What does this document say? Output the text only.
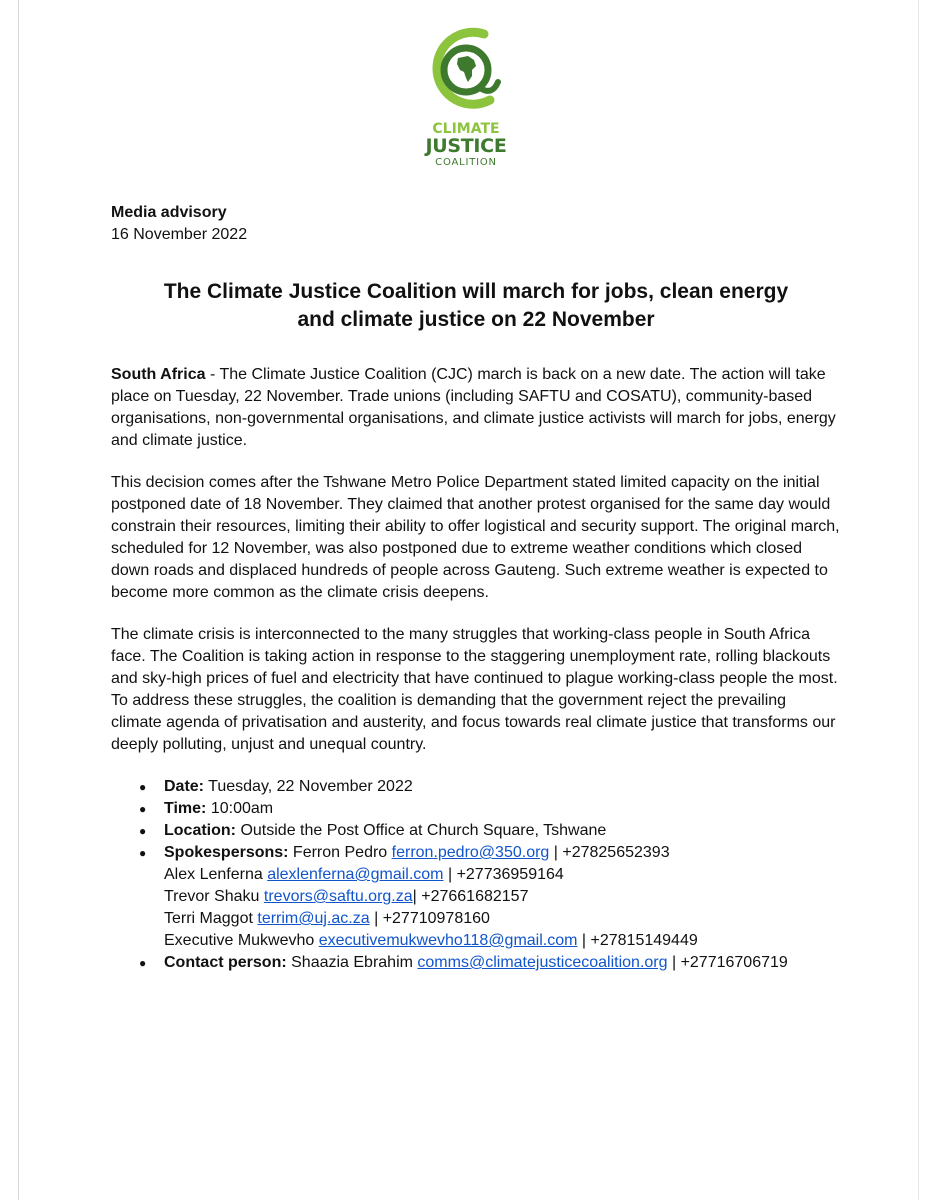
CLIMATE
JUSTICE
COALITION
Media advisory
16 November 2022
The Climate Justice Coalition will march for jobs, clean energy
and climate justice on 22 November
South Africa - The Climate Justice Coalition (CJC) march is back on a new date. The action will take place on Tuesday, 22 November. Trade unions (including SAFTU and COSATU), community-based organisations, non-governmental organisations, and climate justice activists will march for jobs, energy and climate justice.
This decision comes after the Tshwane Metro Police Department stated limited capacity on the initial postponed date of 18 November. They claimed that another protest organised for the same day would constrain their resources, limiting their ability to offer logistical and security support. The original march, scheduled for 12 November, was also postponed due to extreme weather conditions which closed down roads and displaced hundreds of people across Gauteng. Such extreme weather is expected to become more common as the climate crisis deepens.
The climate crisis is interconnected to the many struggles that working-class people in South Africa face. The Coalition is taking action in response to the staggering unemployment rate, rolling blackouts and sky-high prices of fuel and electricity that have continued to plague working-class people the most. To address these struggles, the coalition is demanding that the government reject the prevailing climate agenda of privatisation and austerity, and focus towards real climate justice that transforms our deeply polluting, unjust and unequal country.
● Date: Tuesday, 22 November 2022
● Time: 10:00am
● Location: Outside the Post Office at Church Square, Tshwane
● Spokespersons: Ferron Pedro ferron.pedro@350.org | +27825652393
Alex Lenferna alexlenferna@gmail.com | +27736959164
Trevor Shaku trevors@saftu.org.za| +27661682157
Terri Maggot terrim@uj.ac.za | +27710978160
Executive Mukwevho executivemukwevho118@gmail.com | +27815149449
● Contact person: Shaazia Ebrahim comms@climatejusticecoalition.org | +27716706719
